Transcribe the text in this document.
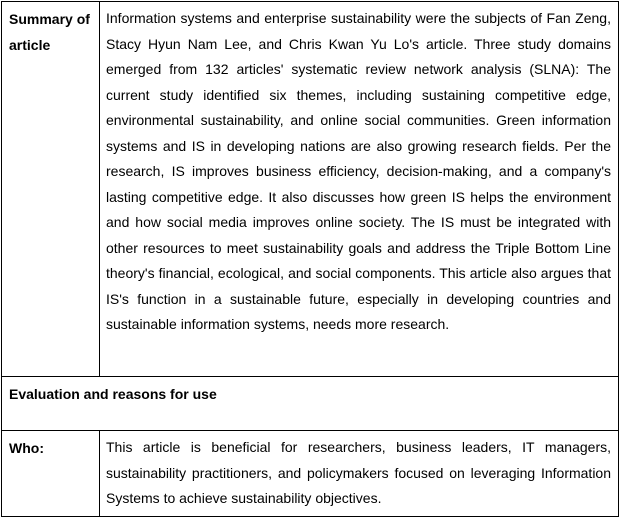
Summary of article	Information systems and enterprise sustainability were the subjects of Fan Zeng, Stacy Hyun Nam Lee, and Chris Kwan Yu Lo's article. Three study domains emerged from 132 articles' systematic review network analysis (SLNA): The current study identified six themes, including sustaining competitive edge, environmental sustainability, and online social communities. Green information systems and IS in developing nations are also growing research fields. Per the research, IS improves business efficiency, decision-making, and a company's lasting competitive edge. It also discusses how green IS helps the environment and how social media improves online society. The IS must be integrated with other resources to meet sustainability goals and address the Triple Bottom Line theory's financial, ecological, and social components. This article also argues that IS's function in a sustainable future, especially in developing countries and sustainable information systems, needs more research.
Evaluation and reasons for use	
Who:	This article is beneficial for researchers, business leaders, IT managers, sustainability practitioners, and policymakers focused on leveraging Information Systems to achieve sustainability objectives.
